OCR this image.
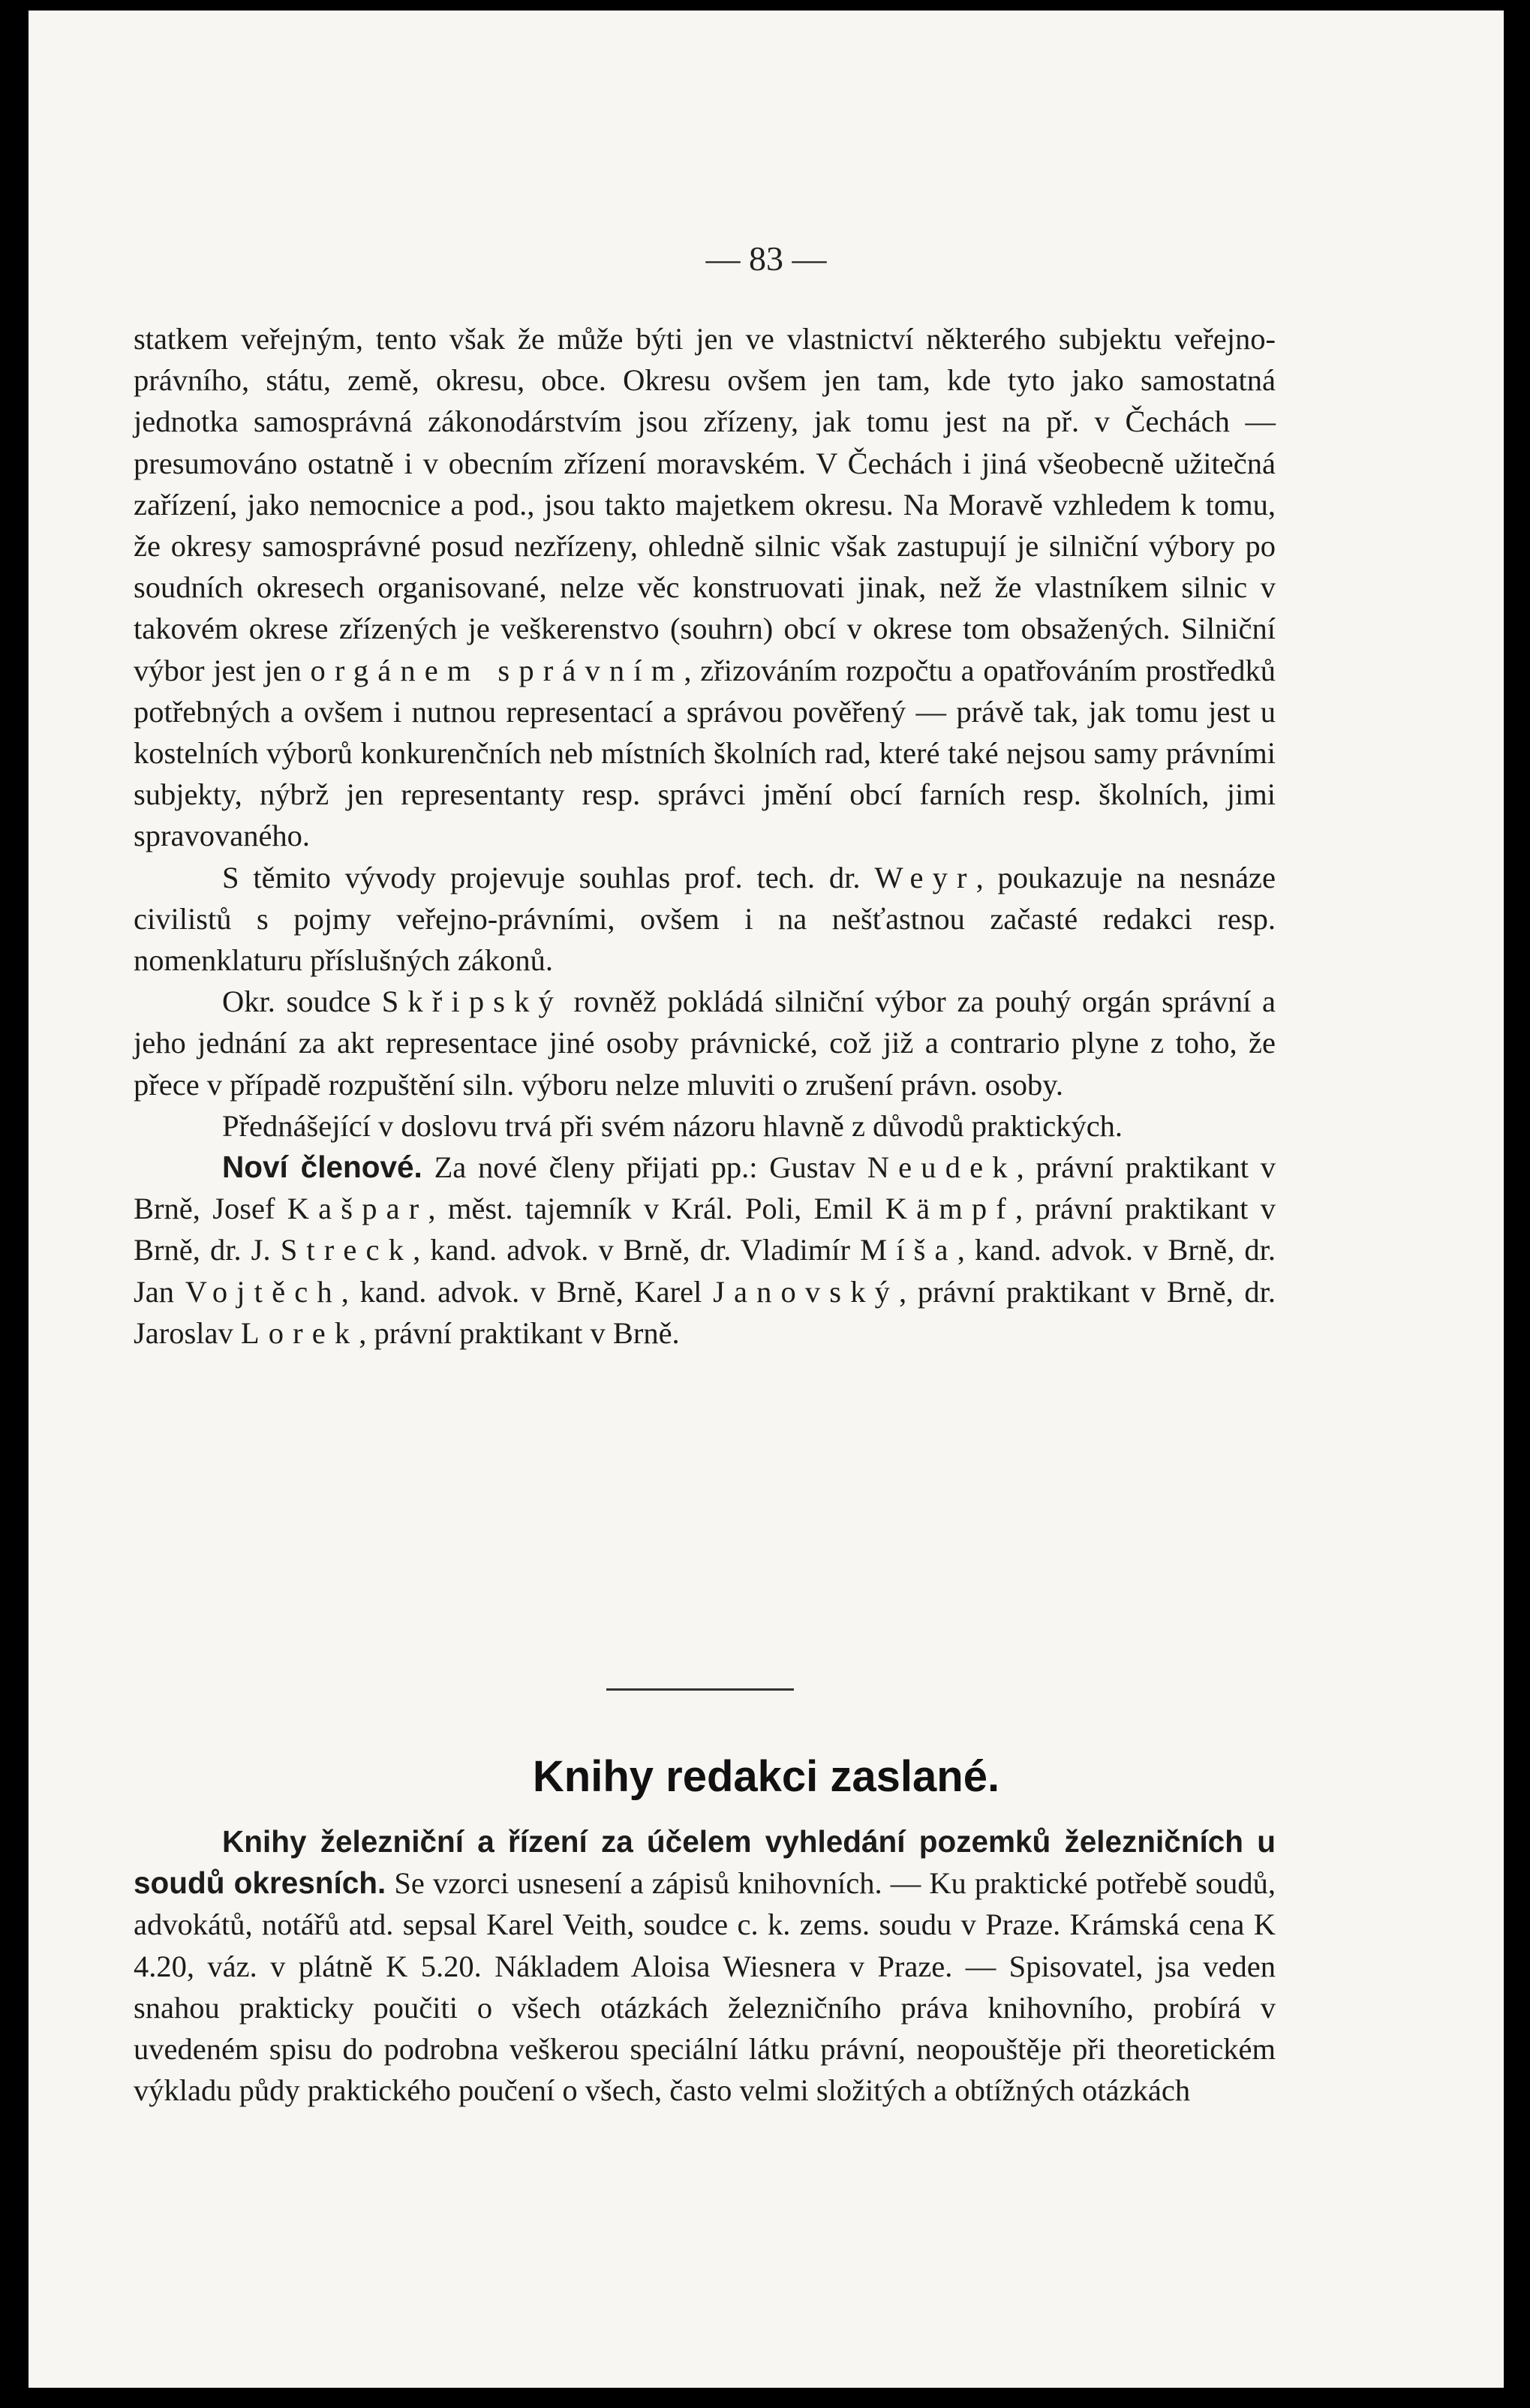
— 83 —

statkem veřejným, tento však že může býti jen ve vlastnictví některého subjektu veřejno-právního, státu, země, okresu, obce. Okresu ovšem jen tam, kde tyto jako samostatná jednotka samosprávná zákonodárstvím jsou zřízeny, jak tomu jest na př. v Čechách — presumováno ostatně i v obecním zřízení moravském. V Čechách i jiná všeobecně užitečná zařízení, jako nemocnice a pod., jsou takto majetkem okresu. Na Moravě vzhledem k tomu, že okresy samosprávné posud nezřízeny, ohledně silnic však zastupují je silniční výbory po soudních okresech organisované, nelze věc konstruovati jinak, než že vlastníkem silnic v takovém okrese zřízených je veškerenstvo (souhrn) obcí v okrese tom obsažených. Silniční výbor jest jen orgánem správním, zřizováním rozpočtu a opatřováním prostředků potřebných a ovšem i nutnou representací a správou pověřený — právě tak, jak tomu jest u kostelních výborů konkurenčních neb místních školních rad, které také nejsou samy právními subjekty, nýbrž jen representanty resp. správci jmění obcí farních resp. školních, jimi spravovaného.

S těmito vývody projevuje souhlas prof. tech. dr. Weyr, poukazuje na nesnáze civilistů s pojmy veřejno-právními, ovšem i na nešťastnou začasté redakci resp. nomenklaturu příslušných zákonů.

Okr. soudce Skřipský rovněž pokládá silniční výbor za pouhý orgán správní a jeho jednání za akt representace jiné osoby právnické, což již a contrario plyne z toho, že přece v případě rozpuštění siln. výboru nelze mluviti o zrušení právn. osoby.

Přednášející v doslovu trvá při svém názoru hlavně z důvodů praktických.

Noví členové. Za nové členy přijati pp.: Gustav Neudek, právní praktikant v Brně, Josef Kašpar, měst. tajemník v Král. Poli, Emil Kämpf, právní praktikant v Brně, dr. J. Streck, kand. advok. v Brně, dr. Vladimír Míša, kand. advok. v Brně, dr. Jan Vojtěch, kand. advok. v Brně, Karel Janovský, právní praktikant v Brně, dr. Jaroslav Lorek, právní praktikant v Brně.

Knihy redakci zaslané.

Knihy železniční a řízení za účelem vyhledání pozemků železničních u soudů okresních. Se vzorci usnesení a zápisů knihovních. — Ku praktické potřebě soudů, advokátů, notářů atd. sepsal Karel Veith, soudce c. k. zems. soudu v Praze. Krámská cena K 4.20, váz. v plátně K 5.20. Nákladem Aloisa Wiesnera v Praze. — Spisovatel, jsa veden snahou prakticky poučiti o všech otázkách železničního práva knihovního, probírá v uvedeném spisu do podrobna veškerou speciální látku právní, neopouštěje při theoretickém výkladu půdy praktického poučení o všech, často velmi složitých a obtížných otázkách
